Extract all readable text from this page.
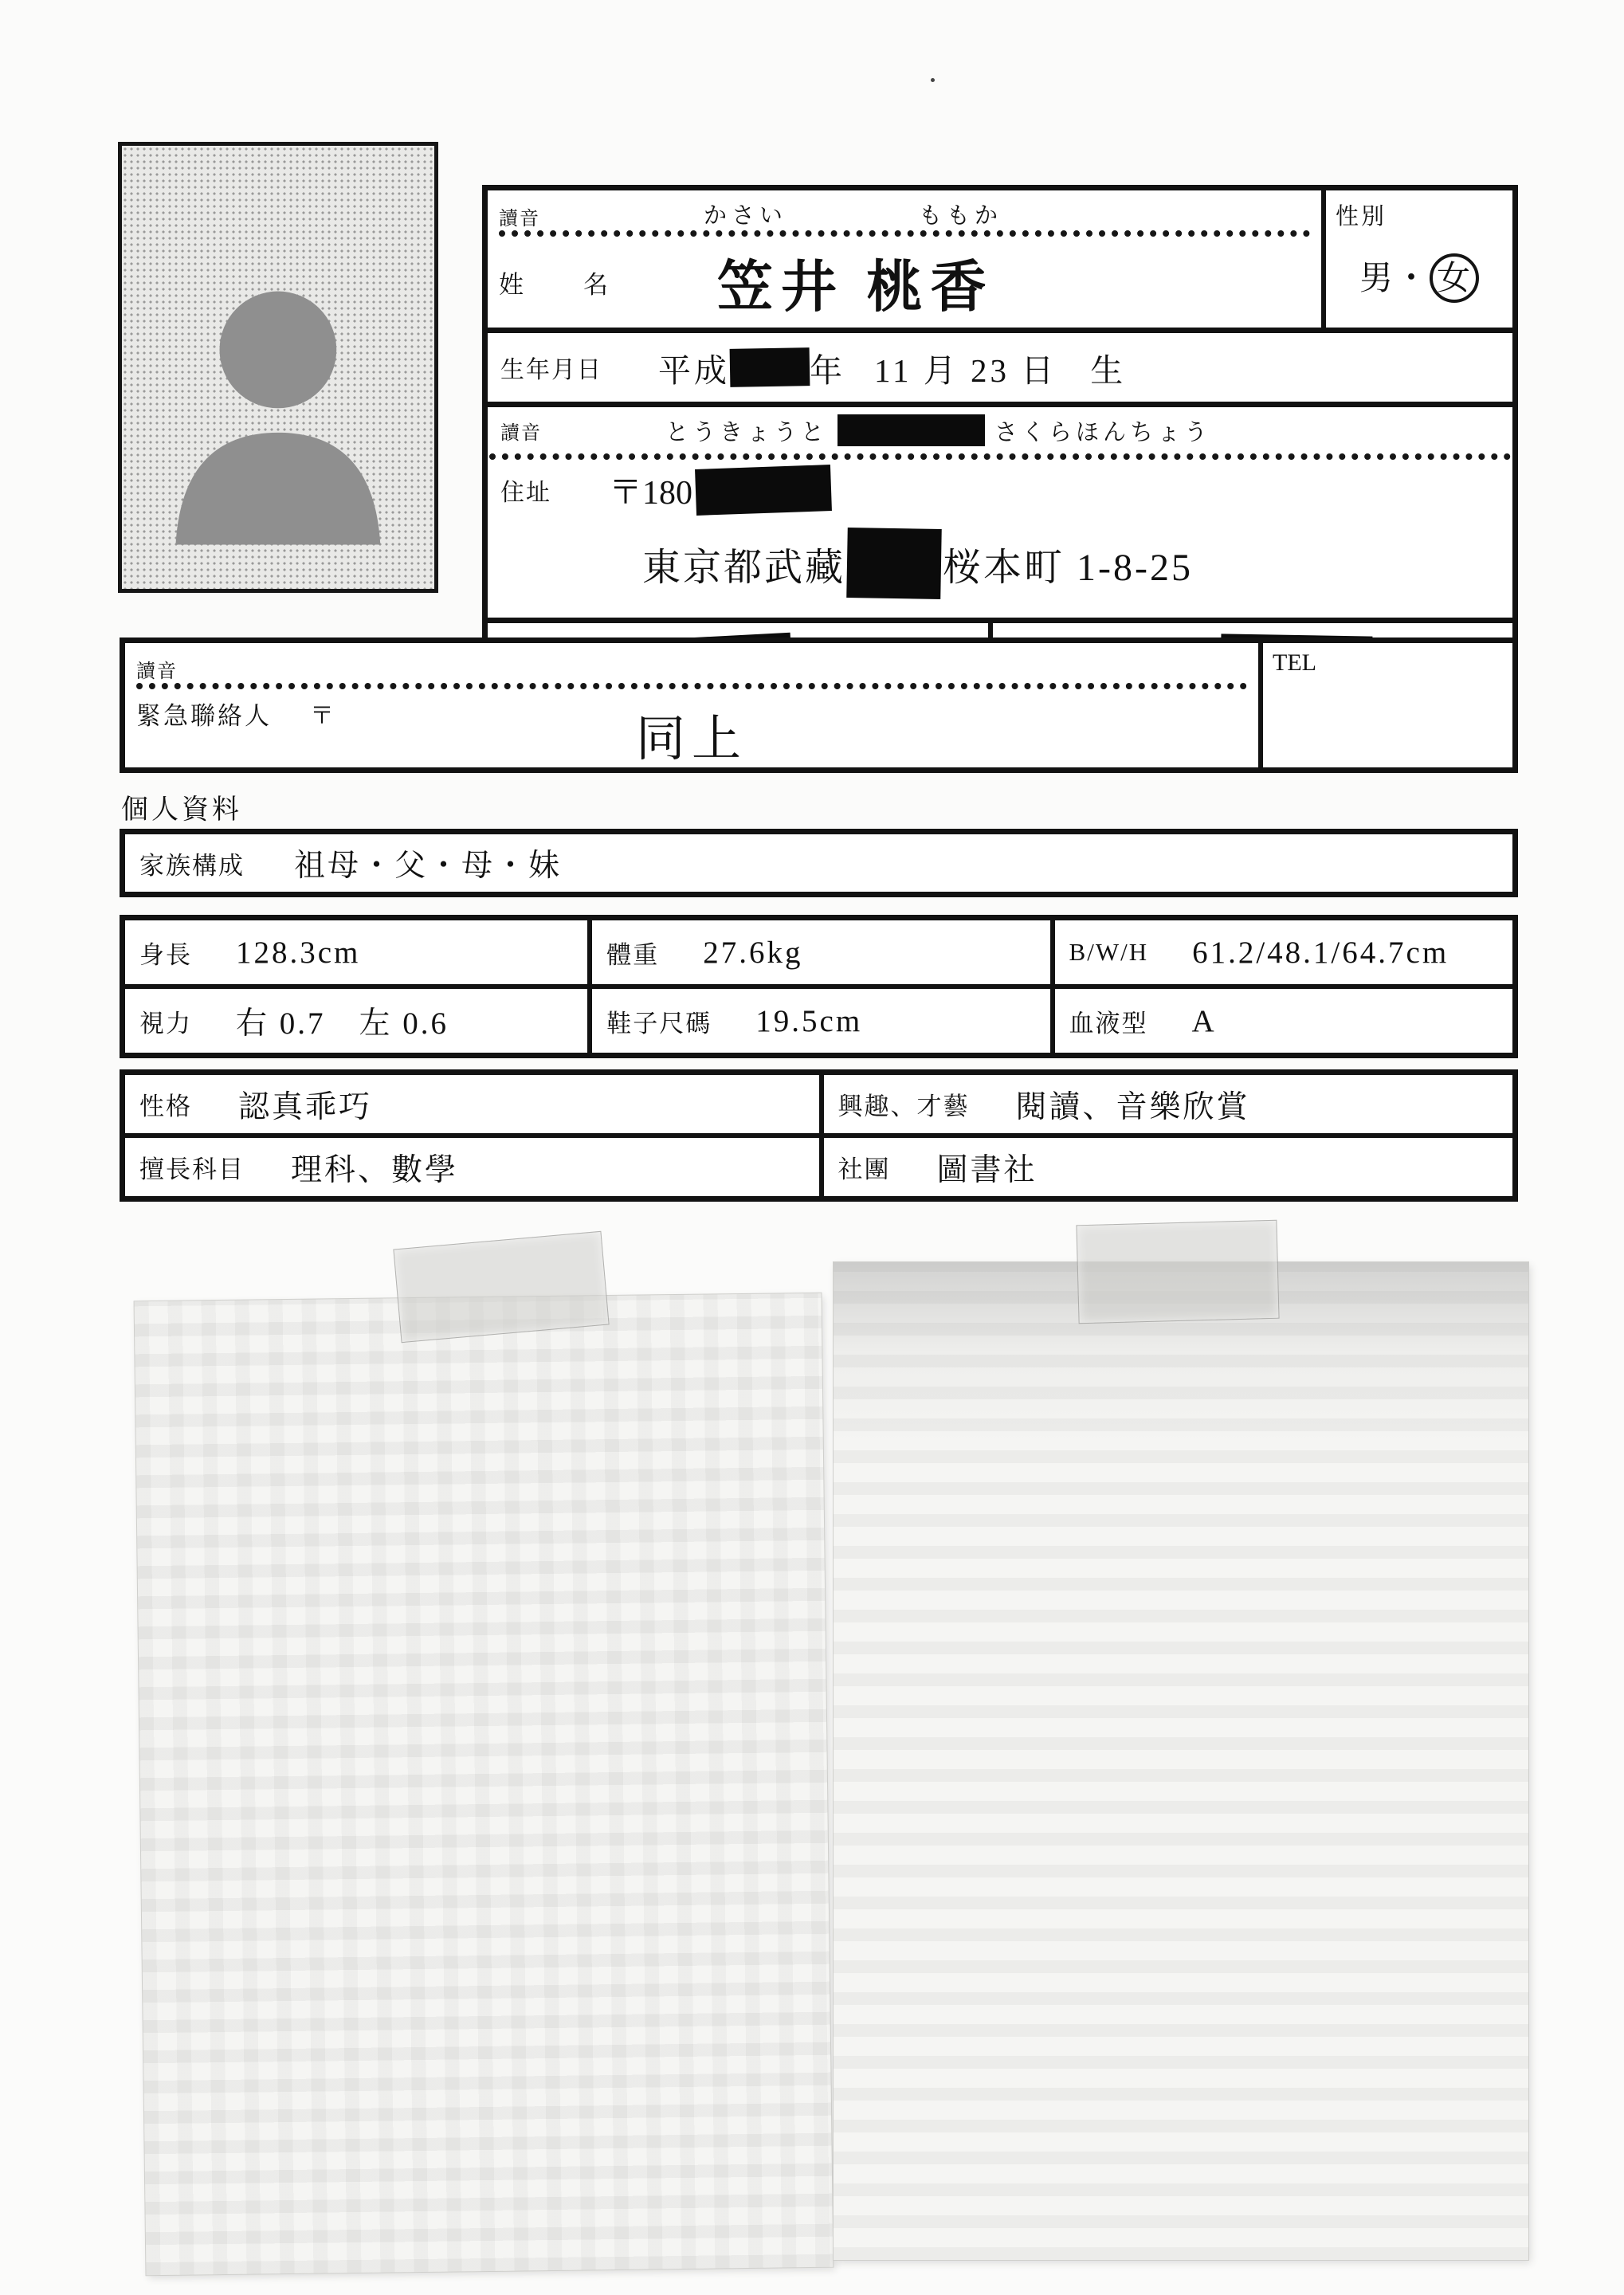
讀音	かさい	ももか
姓　名 笠井 桃香
性別
男・ 女
生年月日 平成 年 11 月 23 日 生
讀音	とうきょうと	さくらほんちょう
住址 〒180
東京都武藏	桜本町 1-8-25
讀音
緊急聯絡人 〒	同上
TEL
個人資料
家族構成 祖母・父・母・妹
身長 128.3cm	體重 27.6kg	B/W/H 61.2/48.1/64.7cm
視力 右 0.7　左 0.6	鞋子尺碼 19.5cm	血液型 A
性格 認真乖巧	興趣、才藝 閱讀、音樂欣賞
擅長科目 理科、數學	社團 圖書社
